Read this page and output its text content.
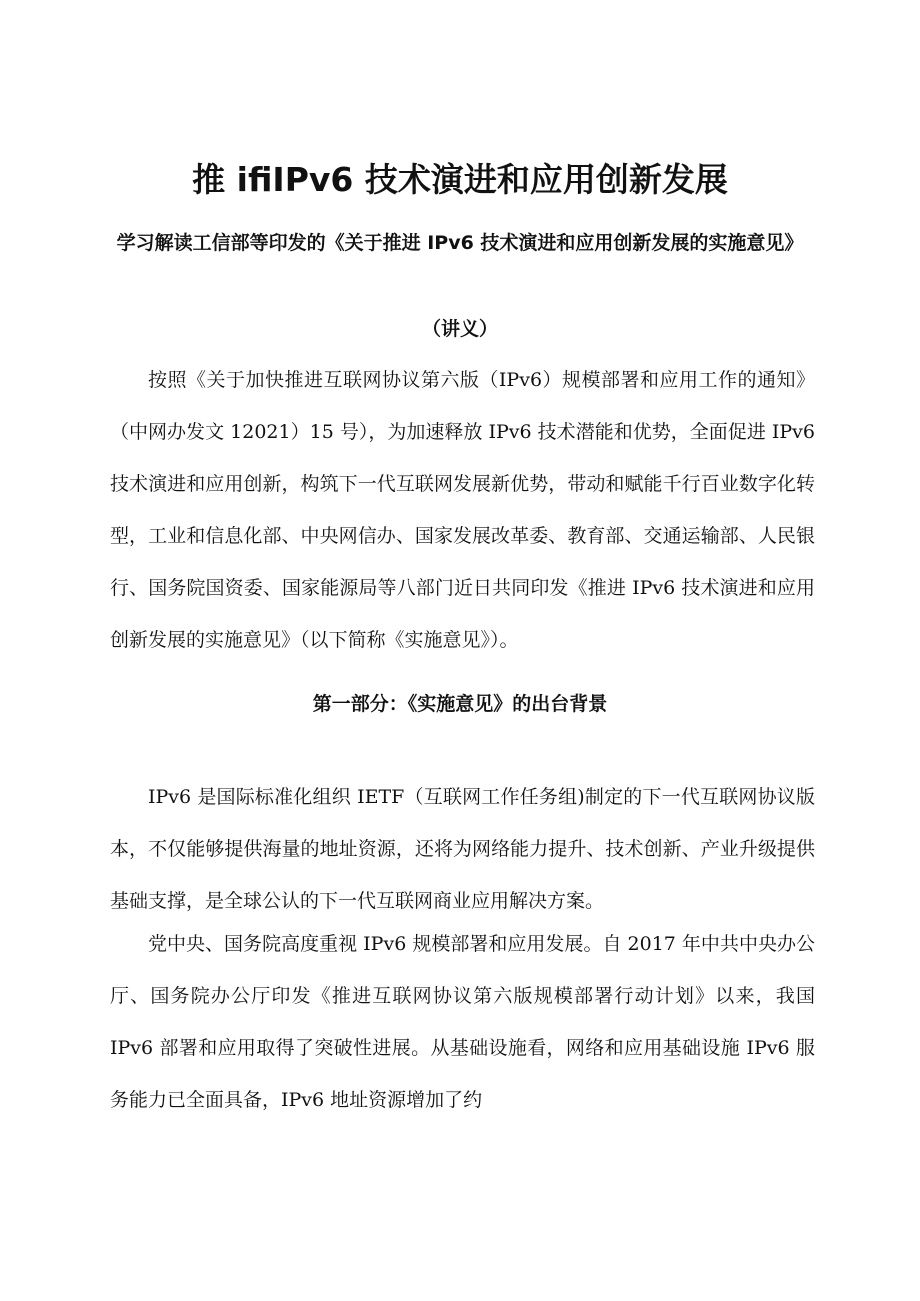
推 ifiIPv6 技术演进和应用创新发展
学习解读工信部等印发的《关于推进 IPv6 技术演进和应用创新发展的实施意见》
（讲义）

按照《关于加快推进互联网协议第六版（IPv6）规模部署和应用工作的通知》（中网办发文 12021）15 号），为加速释放 IPv6 技术潜能和优势，全面促进 IPv6 技术演进和应用创新，构筑下一代互联网发展新优势，带动和赋能千行百业数字化转型，工业和信息化部、中央网信办、国家发展改革委、教育部、交通运输部、人民银行、国务院国资委、国家能源局等八部门近日共同印发《推进 IPv6 技术演进和应用创新发展的实施意见》（以下简称《实施意见》）。

第一部分：《实施意见》的出台背景

IPv6 是国际标准化组织 IETF（互联网工作任务组)制定的下一代互联网协议版本，不仅能够提供海量的地址资源，还将为网络能力提升、技术创新、产业升级提供基础支撑，是全球公认的下一代互联网商业应用解决方案。

党中央、国务院高度重视 IPv6 规模部署和应用发展。自 2017 年中共中央办公厅、国务院办公厅印发《推进互联网协议第六版规模部署行动计划》以来，我国 IPv6 部署和应用取得了突破性进展。从基础设施看，网络和应用基础设施 IPv6 服务能力已全面具备，IPv6 地址资源增加了约
